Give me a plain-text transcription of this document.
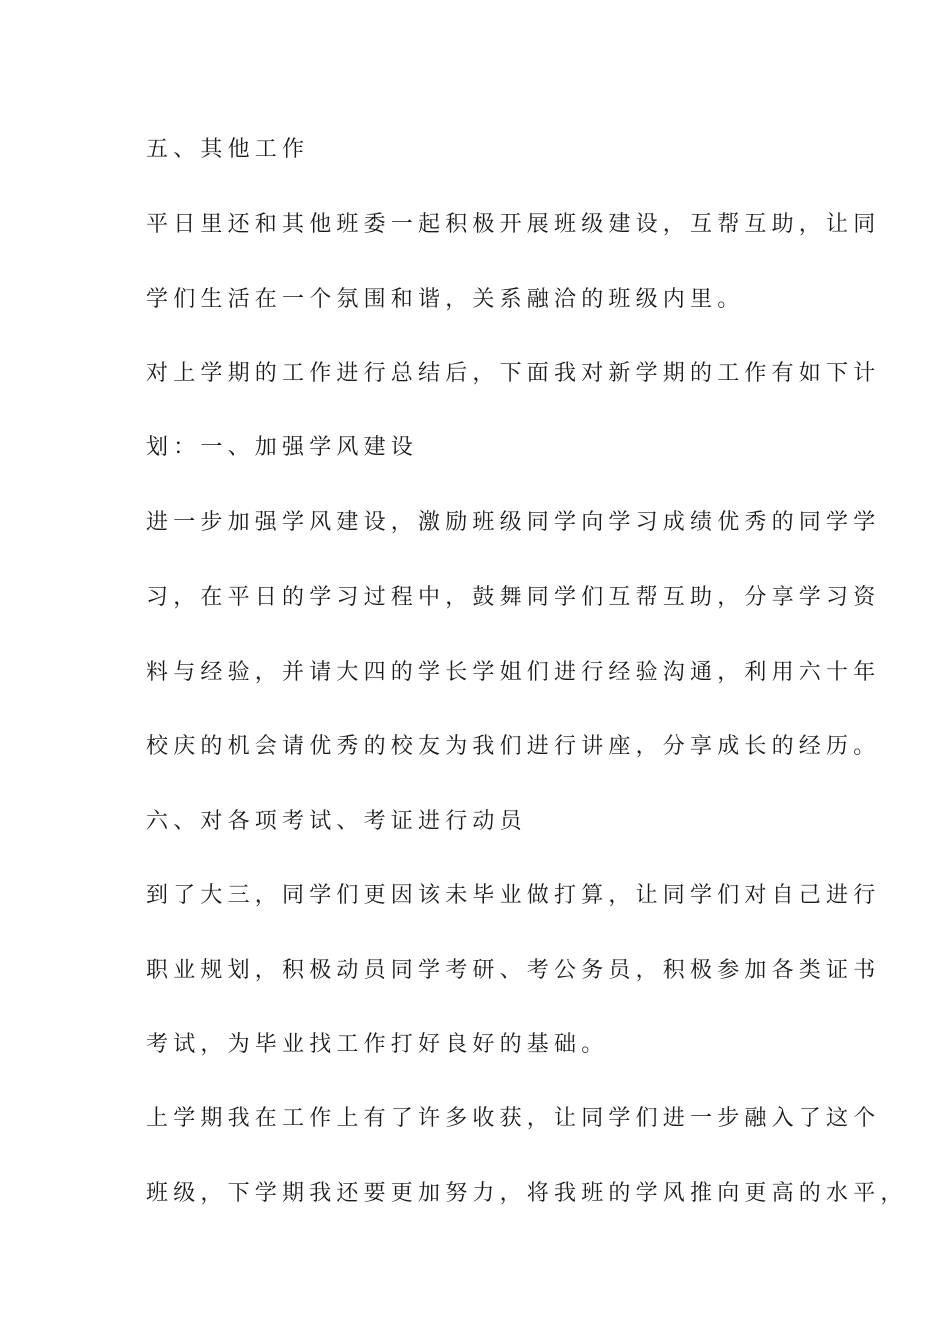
五、其他工作

平日里还和其他班委一起积极开展班级建设，互帮互助，让同

学们生活在一个氛围和谐，关系融洽的班级内里。

对上学期的工作进行总结后，下面我对新学期的工作有如下计

划：一、加强学风建设

进一步加强学风建设，激励班级同学向学习成绩优秀的同学学

习，在平日的学习过程中，鼓舞同学们互帮互助，分享学习资

料与经验，并请大四的学长学姐们进行经验沟通，利用六十年

校庆的机会请优秀的校友为我们进行讲座，分享成长的经历。

六、对各项考试、考证进行动员

到了大三，同学们更因该未毕业做打算，让同学们对自己进行

职业规划，积极动员同学考研、考公务员，积极参加各类证书

考试，为毕业找工作打好良好的基础。

上学期我在工作上有了许多收获，让同学们进一步融入了这个

班级，下学期我还要更加努力，将我班的学风推向更高的水平，
